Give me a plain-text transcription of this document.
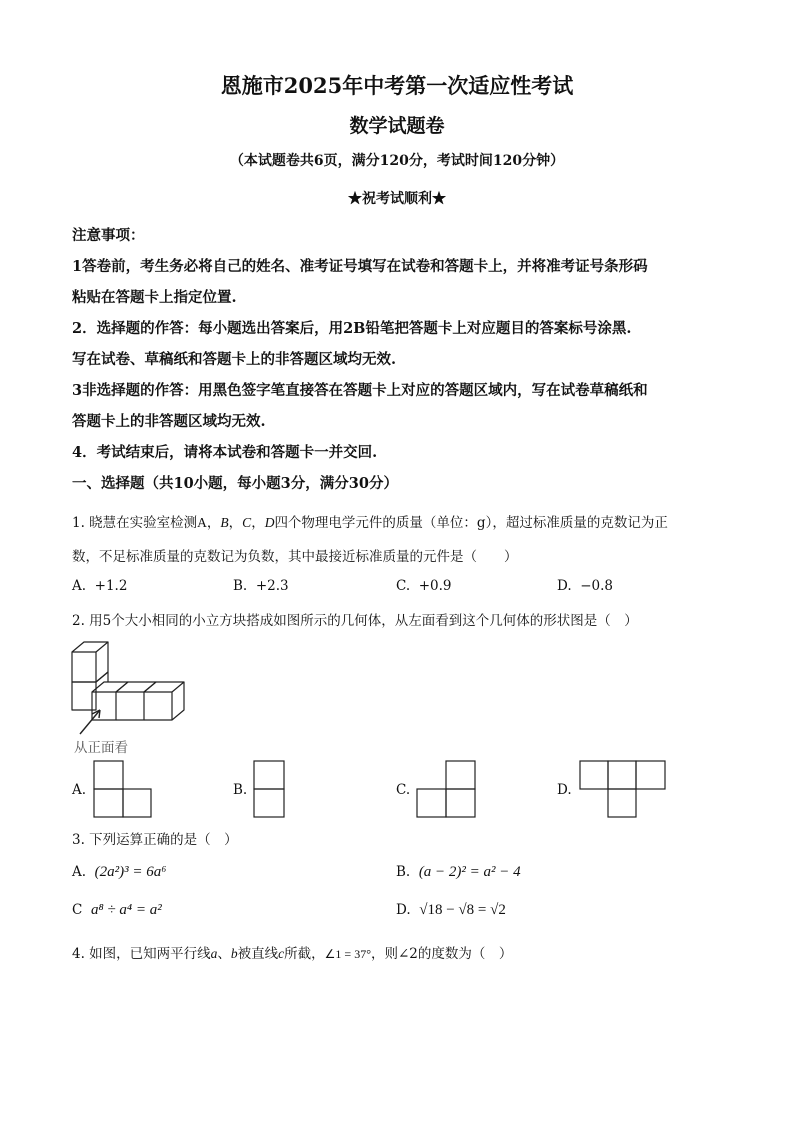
恩施市2025年中考第一次适应性考试
数学试题卷
（本试题卷共6页，满分120分，考试时间120分钟）
★祝考试顺利★
注意事项：
1答卷前，考生务必将自己的姓名、准考证号填写在试卷和答题卡上，并将准考证号条形码
粘贴在答题卡上指定位置.
2．选择题的作答：每小题选出答案后，用2B铅笔把答题卡上对应题目的答案标号涂黑.
写在试卷、草稿纸和答题卡上的非答题区域均无效.
3非选择题的作答：用黑色签字笔直接答在答题卡上对应的答题区域内，写在试卷草稿纸和
答题卡上的非答题区域均无效.
4．考试结束后，请将本试卷和答题卡一并交回.
一、选择题（共10小题，每小题3分，满分30分）
1. 晓慧在实验室检测A，B，C，D四个物理电学元件的质量（单位：g），超过标准质量的克数记为正
数，不足标准质量的克数记为负数，其中最接近标准质量的元件是（　　）
A. +1.2	B. +2.3	C. +0.9	D. −0.8
2. 用5个大小相同的小立方块搭成如图所示的几何体，从左面看到这个几何体的形状图是（　）
从正面看
A.	B.	C.	D.
3. 下列运算正确的是（　）
A. (2a²)³ = 6a⁶	B. (a − 2)² = a² − 4
C a⁸ ÷ a⁴ = a²	D. √18 − √8 = √2
4. 如图，已知两平行线a、b被直线c所截，∠1 = 37°，则∠2的度数为（　）
